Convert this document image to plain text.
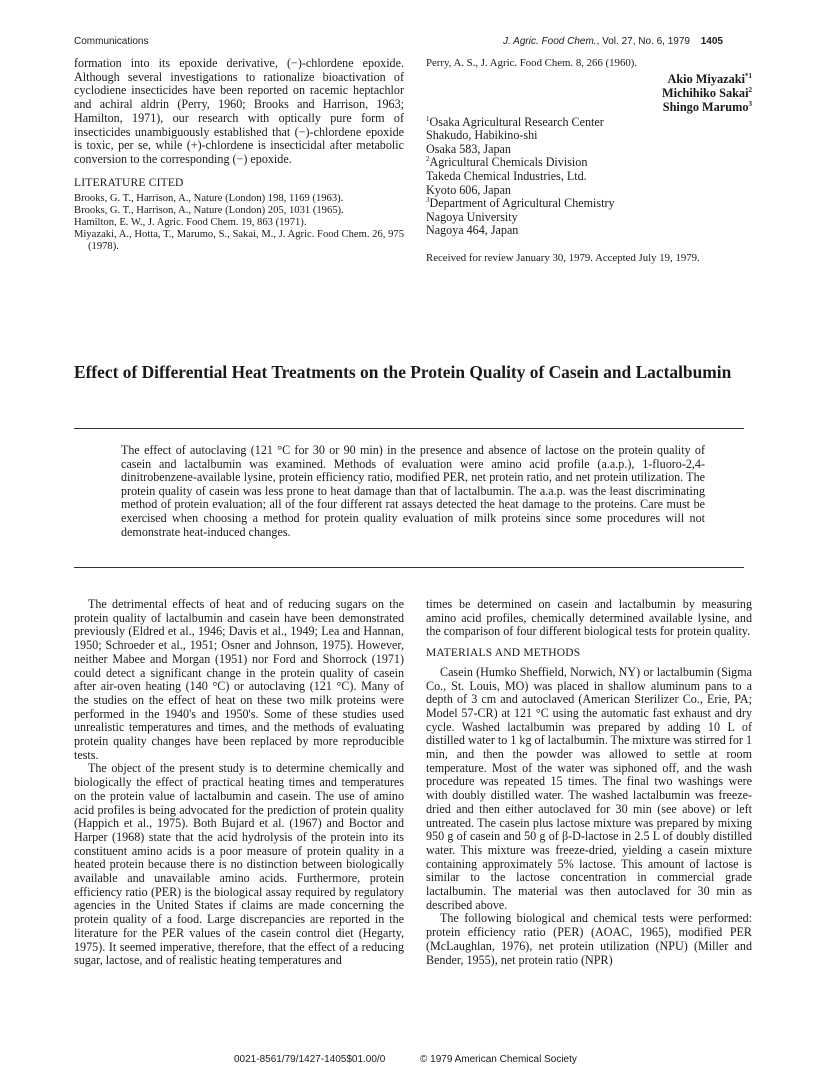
Communications	J. Agric. Food Chem., Vol. 27, No. 6, 1979 1405

formation into its epoxide derivative, (−)-chlordene epoxide. Although several investigations to rationalize bioactivation of cyclodiene insecticides have been reported on racemic heptachlor and achiral aldrin (Perry, 1960; Brooks and Harrison, 1963; Hamilton, 1971), our research with optically pure form of insecticides unambiguously established that (−)-chlordene epoxide is toxic, per se, while (+)-chlordene is insecticidal after metabolic conversion to the corresponding (−) epoxide.

LITERATURE CITED

Brooks, G. T., Harrison, A., Nature (London) 198, 1169 (1963).

Brooks, G. T., Harrison, A., Nature (London) 205, 1031 (1965).

Hamilton, E. W., J. Agric. Food Chem. 19, 863 (1971).

Miyazaki, A., Hotta, T., Marumo, S., Sakai, M., J. Agric. Food Chem. 26, 975 (1978).

Perry, A. S., J. Agric. Food Chem. 8, 266 (1960).

Akio Miyazaki$^{*1}$

Michihiko Sakai$^2$

Shingo Marumo$^3$

$^1$Osaka Agricultural Research Center

Shakudo, Habikino-shi

Osaka 583, Japan

$^2$Agricultural Chemicals Division

Takeda Chemical Industries, Ltd.

Kyoto 606, Japan

$^3$Department of Agricultural Chemistry

Nagoya University

Nagoya 464, Japan

Received for review January 30, 1979. Accepted July 19, 1979.

Effect of Differential Heat Treatments on the Protein Quality of Casein and Lactalbumin

The effect of autoclaving (121 °C for 30 or 90 min) in the presence and absence of lactose on the protein quality of casein and lactalbumin was examined. Methods of evaluation were amino acid profile (a.a.p.), 1-fluoro-2,4-dinitrobenzene-available lysine, protein efficiency ratio, modified PER, net protein ratio, and net protein utilization. The protein quality of casein was less prone to heat damage than that of lactalbumin. The a.a.p. was the least discriminating method of protein evaluation; all of the four different rat assays detected the heat damage to the proteins. Care must be exercised when choosing a method for protein quality evaluation of milk proteins since some procedures will not demonstrate heat-induced changes.

The detrimental effects of heat and of reducing sugars on the protein quality of lactalbumin and casein have been demonstrated previously (Eldred et al., 1946; Davis et al., 1949; Lea and Hannan, 1950; Schroeder et al., 1951; Osner and Johnson, 1975). However, neither Mabee and Morgan (1951) nor Ford and Shorrock (1971) could detect a significant change in the protein quality of casein after air-oven heating (140 °C) or autoclaving (121 °C). Many of the studies on the effect of heat on these two milk proteins were performed in the 1940's and 1950's. Some of these studies used unrealistic temperatures and times, and the methods of evaluating protein quality changes have been replaced by more reproducible tests.

The object of the present study is to determine chemically and biologically the effect of practical heating times and temperatures on the protein value of lactalbumin and casein. The use of amino acid profiles is being advocated for the prediction of protein quality (Happich et al., 1975). Both Bujard et al. (1967) and Boctor and Harper (1968) state that the acid hydrolysis of the protein into its constituent amino acids is a poor measure of protein quality in a heated protein because there is no distinction between biologically available and unavailable amino acids. Furthermore, protein efficiency ratio (PER) is the biological assay required by regulatory agencies in the United States if claims are made concerning the protein quality of a food. Large discrepancies are reported in the literature for the PER values of the casein control diet (Hegarty, 1975). It seemed imperative, therefore, that the effect of a reducing sugar, lactose, and of realistic heating temperatures and

times be determined on casein and lactalbumin by measuring amino acid profiles, chemically determined available lysine, and the comparison of four different biological tests for protein quality.

MATERIALS AND METHODS

Casein (Humko Sheffield, Norwich, NY) or lactalbumin (Sigma Co., St. Louis, MO) was placed in shallow aluminum pans to a depth of 3 cm and autoclaved (American Sterilizer Co., Erie, PA; Model 57-CR) at 121 °C using the automatic fast exhaust and dry cycle. Washed lactalbumin was prepared by adding 10 L of distilled water to 1 kg of lactalbumin. The mixture was stirred for 1 min, and then the powder was allowed to settle at room temperature. Most of the water was siphoned off, and the wash procedure was repeated 15 times. The final two washings were with doubly distilled water. The washed lactalbumin was freeze-dried and then either autoclaved for 30 min (see above) or left untreated. The casein plus lactose mixture was prepared by mixing 950 g of casein and 50 g of β-D-lactose in 2.5 L of doubly distilled water. This mixture was freeze-dried, yielding a casein mixture containing approximately 5% lactose. This amount of lactose is similar to the lactose concentration in commercial grade lactalbumin. The material was then autoclaved for 30 min as described above.

The following biological and chemical tests were performed: protein efficiency ratio (PER) (AOAC, 1965), modified PER (McLaughlan, 1976), net protein utilization (NPU) (Miller and Bender, 1955), net protein ratio (NPR)

0021-8561/79/1427-1405$01.00/0	© 1979 American Chemical Society
